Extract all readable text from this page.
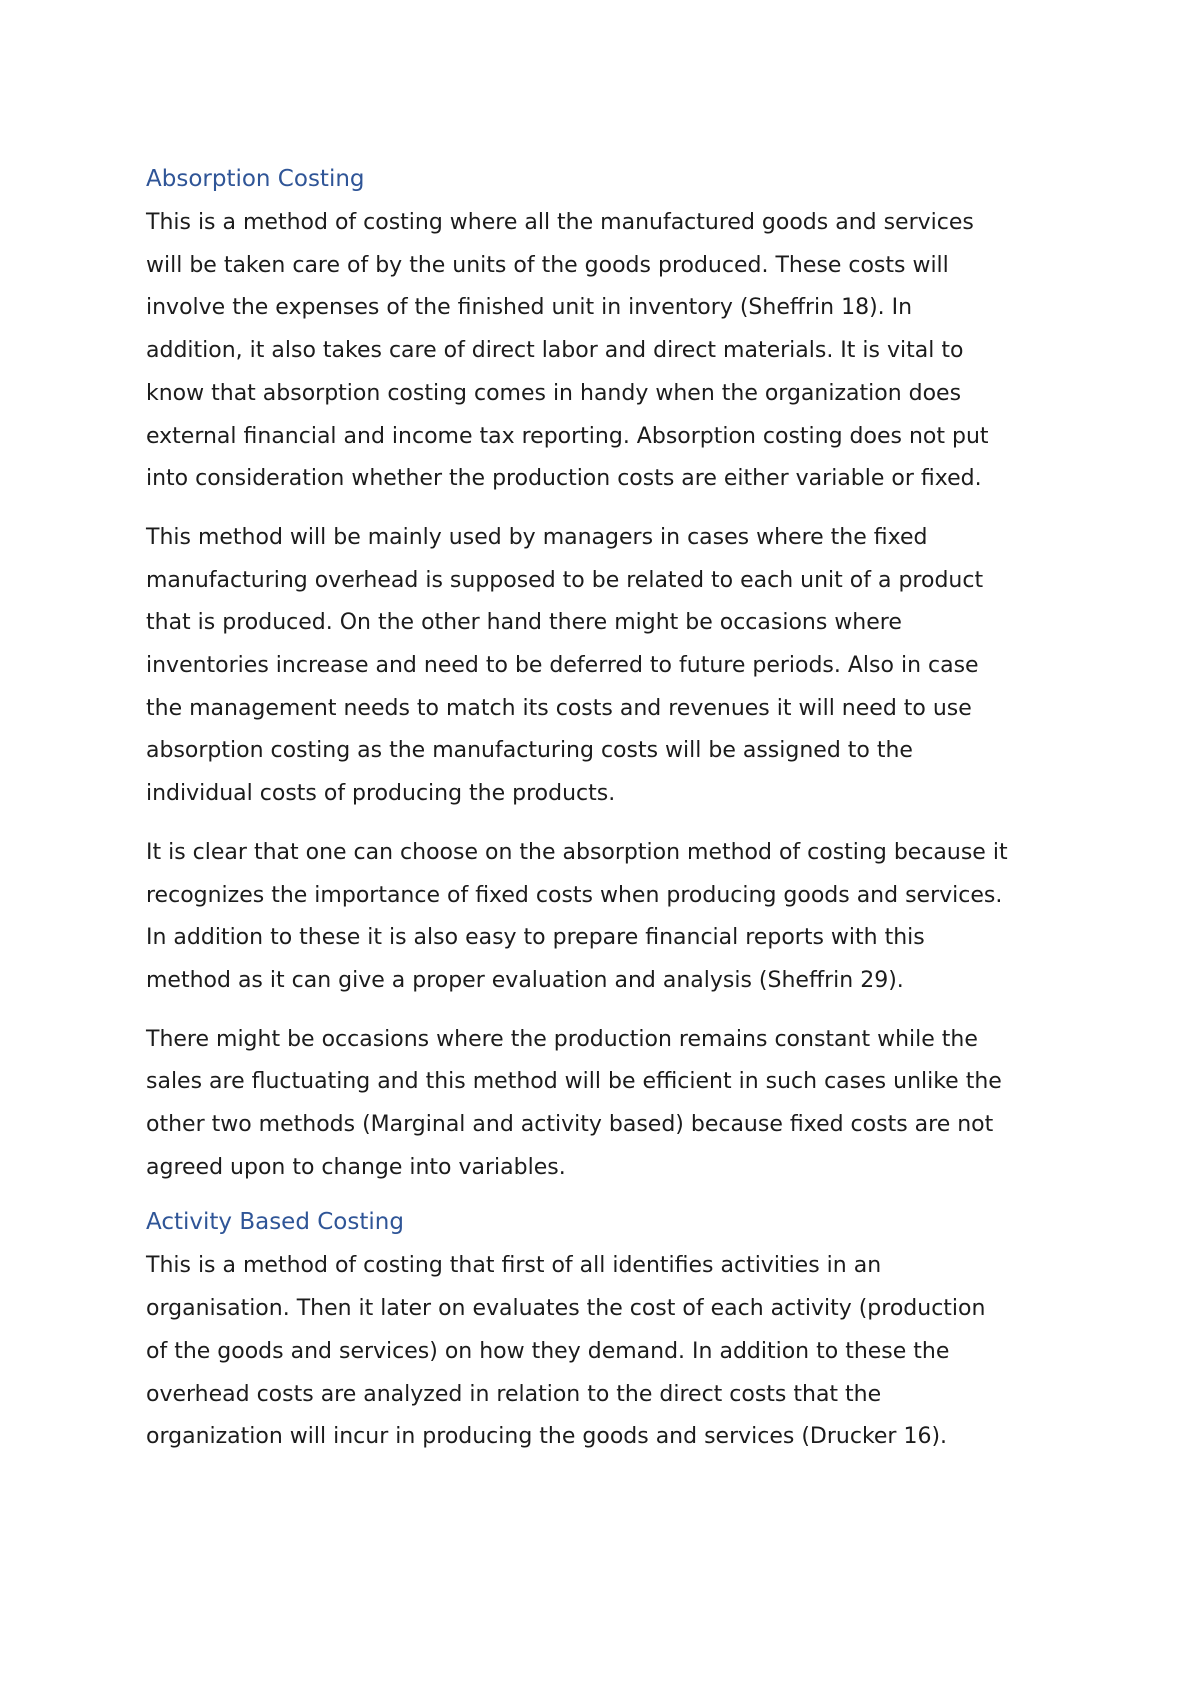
Absorption Costing

This is a method of costing where all the manufactured goods and services
will be taken care of by the units of the goods produced. These costs will
involve the expenses of the finished unit in inventory (Sheffrin 18). In
addition, it also takes care of direct labor and direct materials. It is vital to
know that absorption costing comes in handy when the organization does
external financial and income tax reporting. Absorption costing does not put
into consideration whether the production costs are either variable or fixed.

This method will be mainly used by managers in cases where the fixed
manufacturing overhead is supposed to be related to each unit of a product
that is produced. On the other hand there might be occasions where
inventories increase and need to be deferred to future periods. Also in case
the management needs to match its costs and revenues it will need to use
absorption costing as the manufacturing costs will be assigned to the
individual costs of producing the products.

It is clear that one can choose on the absorption method of costing because it
recognizes the importance of fixed costs when producing goods and services.
In addition to these it is also easy to prepare financial reports with this
method as it can give a proper evaluation and analysis (Sheffrin 29).

There might be occasions where the production remains constant while the
sales are fluctuating and this method will be efficient in such cases unlike the
other two methods (Marginal and activity based) because fixed costs are not
agreed upon to change into variables.

Activity Based Costing

This is a method of costing that first of all identifies activities in an
organisation. Then it later on evaluates the cost of each activity (production
of the goods and services) on how they demand. In addition to these the
overhead costs are analyzed in relation to the direct costs that the
organization will incur in producing the goods and services (Drucker 16).
